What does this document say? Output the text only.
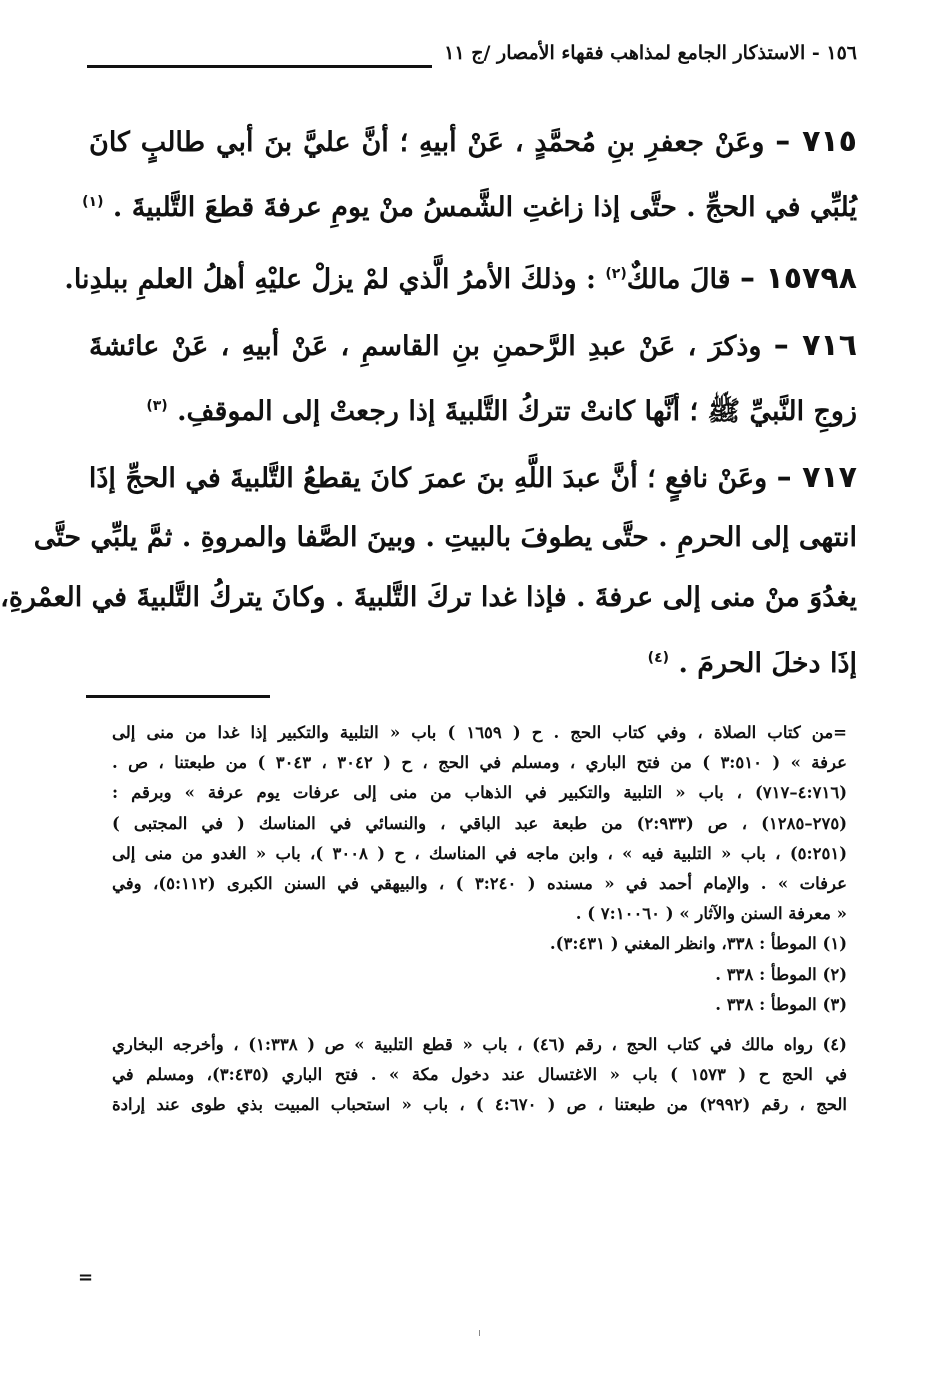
١٥٦ - الاستذكار الجامع لمذاهب فقهاء الأمصار /ج ١١
٧١٥ – وعَنْ جعفرِ بنِ مُحمَّدٍ ، عَنْ أبيهِ ؛ أنَّ عليَّ بنَ أبي طالبٍ كانَ
يُلبِّي في الحجِّ . حتَّى إذا زاغتِ الشَّمسُ منْ يومِ عرفةَ قطعَ التَّلبيةَ . $^{(١)}$
١٥٧٩٨ – قالَ مالكٌ$^{(٢)}$ : وذلكَ الأمرُ الَّذي لمْ يزلْ عليْهِ أهلُ العلمِ ببلدِنا.
٧١٦ – وذكرَ ، عَنْ عبدِ الرَّحمنِ بنِ القاسمِ ، عَنْ أبيهِ ، عَنْ عائشةَ
زوجِ النَّبيِّ ﷺ ؛ أنَّها كانتْ تتركُ التَّلبيةَ إذا رجعتْ إلى الموقفِ. $^{(٣)}$
٧١٧ – وعَنْ نافعٍ ؛ أنَّ عبدَ اللَّهِ بنَ عمرَ كانَ يقطعُ التَّلبيةَ في الحجِّ إذَا
انتهى إلى الحرمِ . حتَّى يطوفَ بالبيتِ . وبينَ الصَّفا والمروةِ . ثمَّ يلبِّي حتَّى
يغدُوَ منْ منى إلى عرفةَ . فإذا غدا تركَ التَّلبيةَ . وكانَ يتركُ التَّلبيةَ في العمْرةِ،
إذَا دخلَ الحرمَ . $^{(٤)}$
=من كتاب الصلاة ، وفي كتاب الحج . ح ( ١٦٥٩ ) باب « التلبية والتكبير إذا غدا من منى إلى
عرفة » ( ٣:٥١٠ ) من فتح الباري ، ومسلم في الحج ، ح ( ٣٠٤٢ ، ٣٠٤٣ ) من طبعتنا ، ص .
(٤:٧١٦–٧١٧) ، باب « التلبية والتكبير في الذهاب من منى إلى عرفات يوم عرفة » وبرقم :
(٢٧٥–١٢٨٥) ، ص (٢:٩٣٣) من طبعة عبد الباقي ، والنسائي في المناسك ( في المجتبى )
(٥:٢٥١) ، باب « التلبية فيه » ، وابن ماجه في المناسك ، ح ( ٣٠٠٨ )، باب « الغدو من منى إلى
عرفات » . والإمام أحمد في « مسنده ( ٣:٢٤٠ ) ، والبيهقي في السنن الكبرى (٥:١١٢)، وفي
« معرفة السنن والآثار » ( ٧:١٠٠٦٠ ) .
(١) الموطأ : ٣٣٨، وانظر المغني ( ٣:٤٣١).
(٢) الموطأ : ٣٣٨ .
(٣) الموطأ : ٣٣٨ .
(٤) رواه مالك في كتاب الحج ، رقم (٤٦) ، باب « قطع التلبية » ص ( ١:٣٣٨) ، وأخرجه البخاري
في الحج ح ( ١٥٧٣ ) باب « الاغتسال عند دخول مكة » . فتح الباري (٣:٤٣٥)، ومسلم في
الحج ، رقم (٢٩٩٢) من طبعتنا ، ص ( ٤:٦٧٠ ) ، باب « استحباب المبيت بذي طوى عند إرادة
=
